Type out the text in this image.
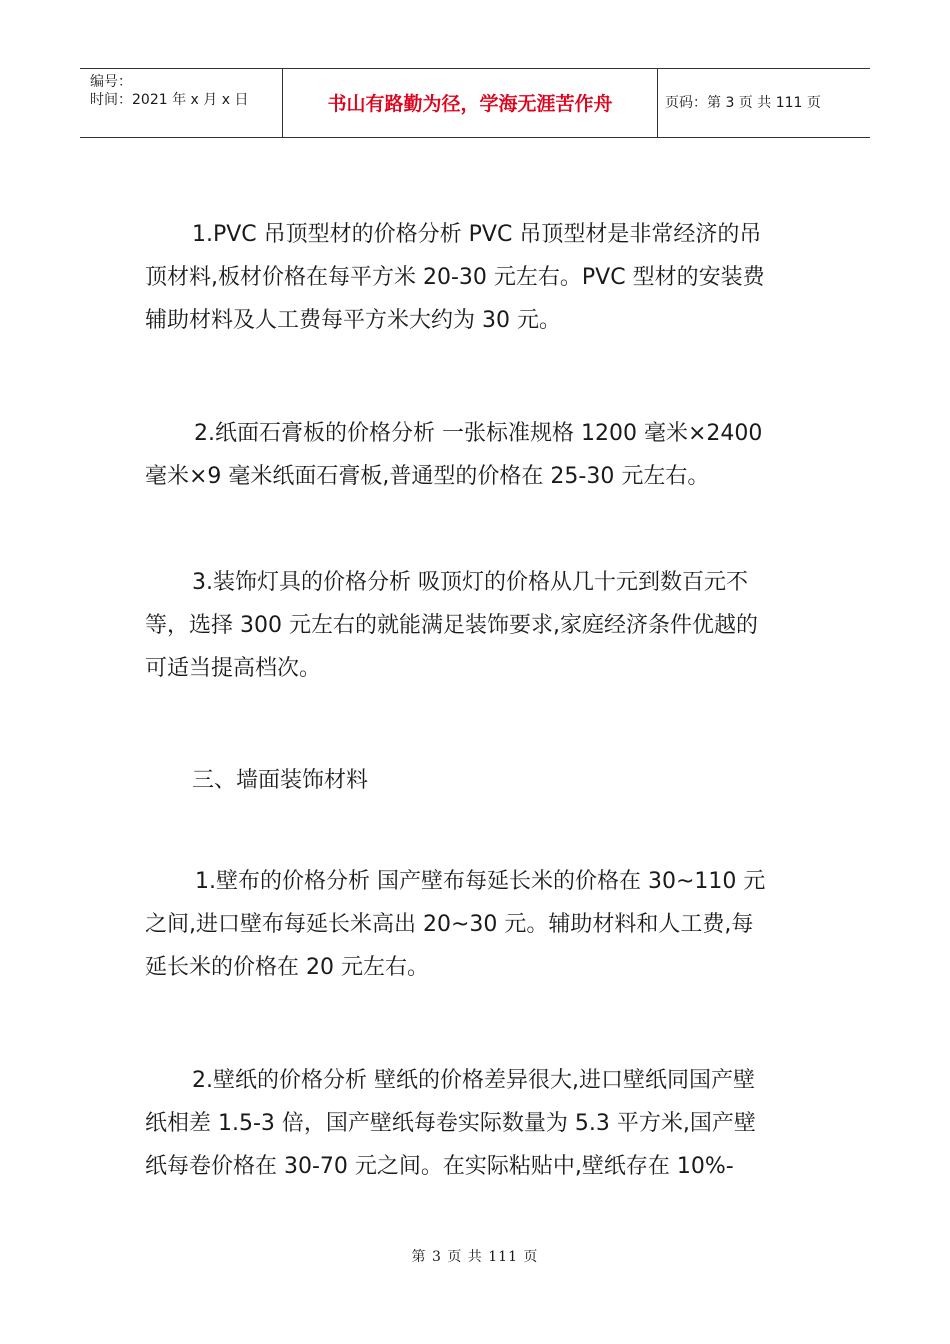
编号：
时间：2021 年 x 月 x 日	书山有路勤为径，学海无涯苦作舟	页码：第 3 页 共 111 页
1.PVC 吊顶型材的价格分析 PVC 吊顶型材是非常经济的吊
顶材料,板材价格在每平方米 20-30 元左右。PVC 型材的安装费
辅助材料及人工费每平方米大约为 30 元。
2.纸面石膏板的价格分析 一张标准规格 1200 毫米×2400
毫米×9 毫米纸面石膏板,普通型的价格在 25-30 元左右。
3.装饰灯具的价格分析 吸顶灯的价格从几十元到数百元不
等，选择 300 元左右的就能满足装饰要求,家庭经济条件优越的
可适当提高档次。
三、墙面装饰材料
1.壁布的价格分析 国产壁布每延长米的价格在 30~110 元
之间,进口壁布每延长米高出 20~30 元。辅助材料和人工费,每
延长米的价格在 20 元左右。
2.壁纸的价格分析 壁纸的价格差异很大,进口壁纸同国产壁
纸相差 1.5-3 倍，国产壁纸每卷实际数量为 5.3 平方米,国产壁
纸每卷价格在 30-70 元之间。在实际粘贴中,壁纸存在 10%-
第 3 页 共 111 页
